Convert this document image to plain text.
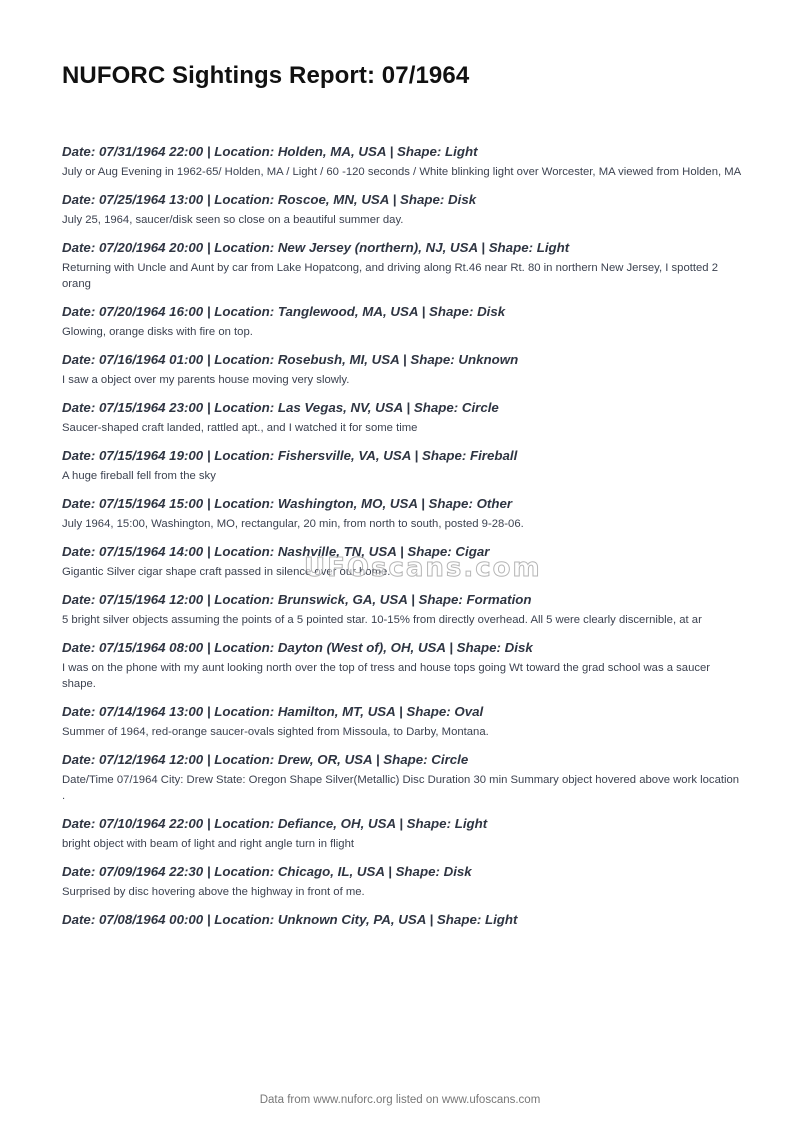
NUFORC Sightings Report: 07/1964
Date: 07/31/1964 22:00 | Location: Holden, MA, USA | Shape: Light

July or Aug Evening in 1962-65/ Holden, MA / Light / 60 -120 seconds / White blinking light over Worcester, MA viewed from Holden, MA

Date: 07/25/1964 13:00 | Location: Roscoe, MN, USA | Shape: Disk

July 25, 1964, saucer/disk seen so close on a beautiful summer day.

Date: 07/20/1964 20:00 | Location: New Jersey (northern), NJ, USA | Shape: Light

Returning with Uncle and Aunt by car from Lake Hopatcong, and driving along Rt.46 near Rt. 80 in northern New Jersey, I spotted 2 orang

Date: 07/20/1964 16:00 | Location: Tanglewood, MA, USA | Shape: Disk

Glowing, orange disks with fire on top.

Date: 07/16/1964 01:00 | Location: Rosebush, MI, USA | Shape: Unknown

I saw a object over my parents house moving very slowly.

Date: 07/15/1964 23:00 | Location: Las Vegas, NV, USA | Shape: Circle

Saucer-shaped craft landed, rattled apt., and I watched it for some time

Date: 07/15/1964 19:00 | Location: Fishersville, VA, USA | Shape: Fireball

A huge fireball fell from the sky

Date: 07/15/1964 15:00 | Location: Washington, MO, USA | Shape: Other

July 1964, 15:00, Washington, MO, rectangular, 20 min, from north to south, posted 9-28-06.

Date: 07/15/1964 14:00 | Location: Nashville, TN, USA | Shape: Cigar

Gigantic Silver cigar shape craft passed in silence over our home.

Date: 07/15/1964 12:00 | Location: Brunswick, GA, USA | Shape: Formation

5 bright silver objects assuming the points of a 5 pointed star. 10-15% from directly overhead. All 5 were clearly discernible, at ar

Date: 07/15/1964 08:00 | Location: Dayton (West of), OH, USA | Shape: Disk

I was on the phone with my aunt looking north over the top of tress and house tops going Wt toward the grad school was a saucer shape.

Date: 07/14/1964 13:00 | Location: Hamilton, MT, USA | Shape: Oval

Summer of 1964, red-orange saucer-ovals sighted from Missoula, to Darby, Montana.

Date: 07/12/1964 12:00 | Location: Drew, OR, USA | Shape: Circle

Date/Time 07/1964 City: Drew State: Oregon Shape Silver(Metallic) Disc Duration 30 min Summary object hovered above work location .

Date: 07/10/1964 22:00 | Location: Defiance, OH, USA | Shape: Light

bright object with beam of light and right angle turn in flight

Date: 07/09/1964 22:30 | Location: Chicago, IL, USA | Shape: Disk

Surprised by disc hovering above the highway in front of me.

Date: 07/08/1964 00:00 | Location: Unknown City, PA, USA | Shape: Light

UFOscans.com
Data from www.nuforc.org listed on www.ufoscans.com
